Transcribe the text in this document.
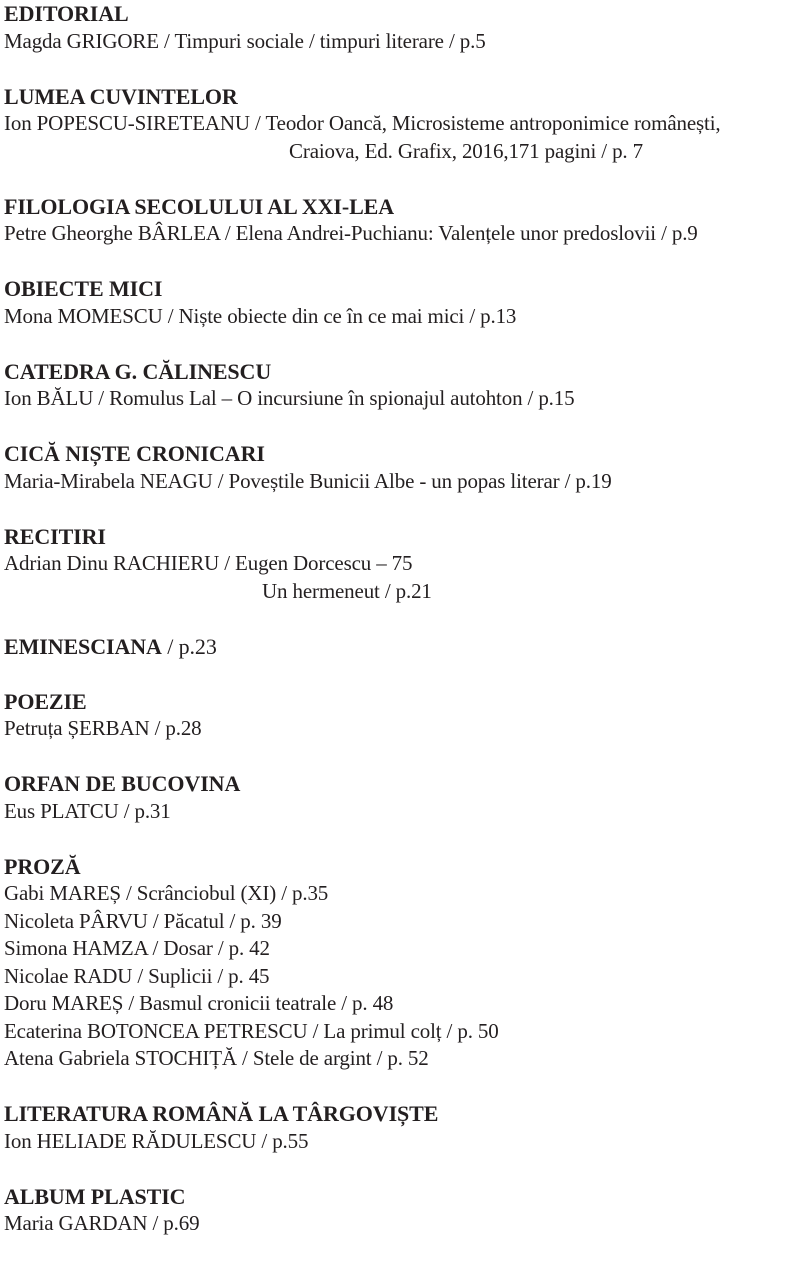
EDITORIAL
Magda GRIGORE / Timpuri sociale / timpuri literare / p.5
LUMEA CUVINTELOR
Ion POPESCU-SIRETEANU / Teodor Oancă, Microsisteme antroponimice românești,
Craiova, Ed. Grafix, 2016,171 pagini / p. 7
FILOLOGIA SECOLULUI AL XXI-LEA
Petre Gheorghe BÂRLEA / Elena Andrei-Puchianu: Valențele unor predoslovii / p.9
OBIECTE MICI
Mona MOMESCU / Niște obiecte din ce în ce mai mici / p.13
CATEDRA G. CĂLINESCU
Ion BĂLU / Romulus Lal – O incursiune în spionajul autohton / p.15
CICĂ NIȘTE CRONICARI
Maria-Mirabela NEAGU / Poveștile Bunicii Albe - un popas literar / p.19
RECITIRI
Adrian Dinu RACHIERU / Eugen Dorcescu – 75
Un hermeneut / p.21
EMINESCIANA / p.23
POEZIE
Petruța ȘERBAN / p.28
ORFAN DE BUCOVINA
Eus PLATCU / p.31
PROZĂ
Gabi MAREȘ / Scrânciobul (XI) / p.35
Nicoleta PÂRVU / Păcatul / p. 39
Simona HAMZA / Dosar / p. 42
Nicolae RADU / Suplicii / p. 45
Doru MAREȘ / Basmul cronicii teatrale / p. 48
Ecaterina BOTONCEA PETRESCU / La primul colț / p. 50
Atena Gabriela STOCHIȚĂ / Stele de argint / p. 52
LITERATURA ROMÂNĂ LA TÂRGOVIȘTE
Ion HELIADE RĂDULESCU / p.55
ALBUM PLASTIC
Maria GARDAN / p.69
